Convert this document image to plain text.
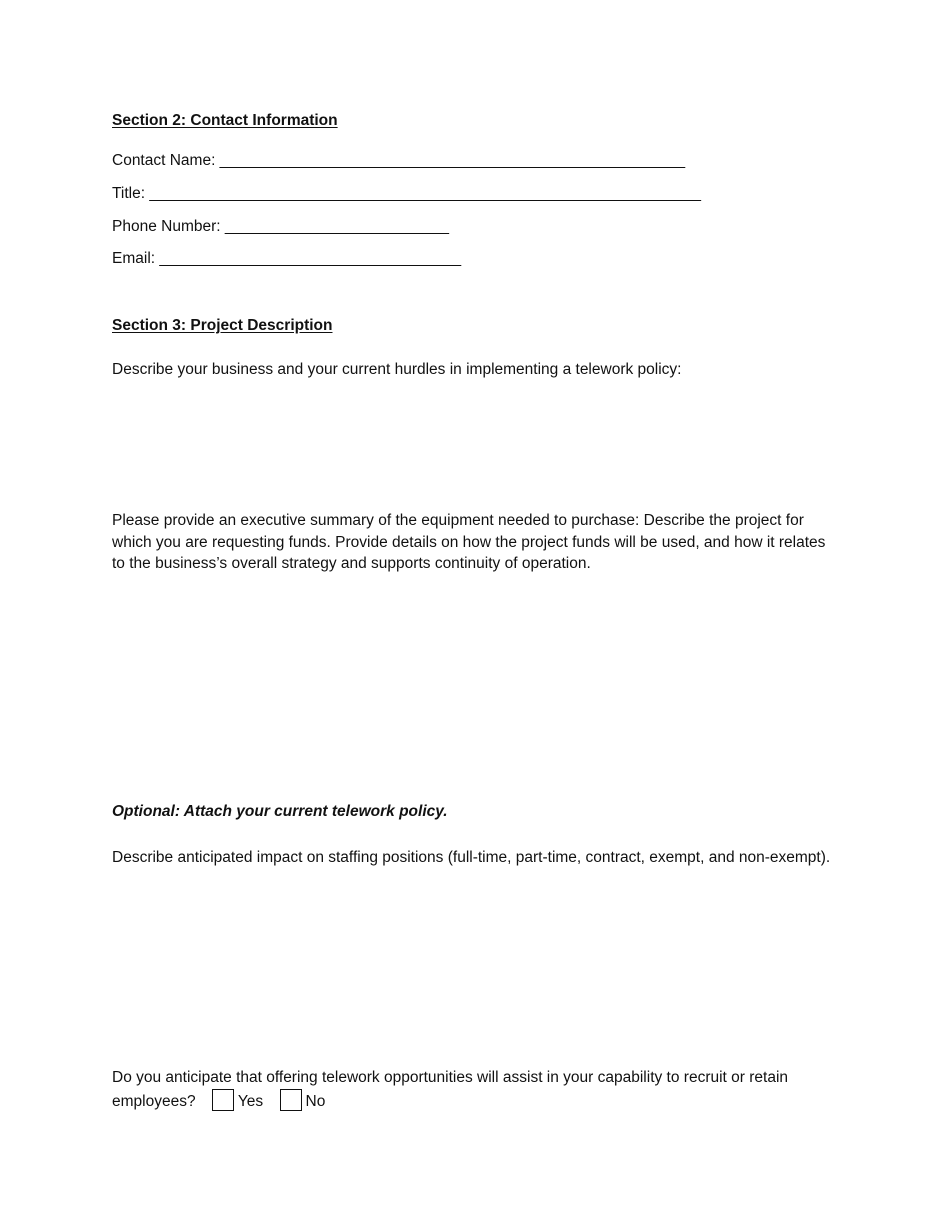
Section 2: Contact Information
Contact Name: ______________________________________________________
Title: ________________________________________________________________
Phone Number: __________________________
Email: ___________________________________
Section 3: Project Description
Describe your business and your current hurdles in implementing a telework policy:
Please provide an executive summary of the equipment needed to purchase: Describe the project for which you are requesting funds. Provide details on how the project funds will be used, and how it relates to the business’s overall strategy and supports continuity of operation.
Optional: Attach your current telework policy.
Describe anticipated impact on staffing positions (full-time, part-time, contract, exempt, and non-exempt).
Do you anticipate that offering telework opportunities will assist in your capability to recruit or retain employees?	Yes	No
